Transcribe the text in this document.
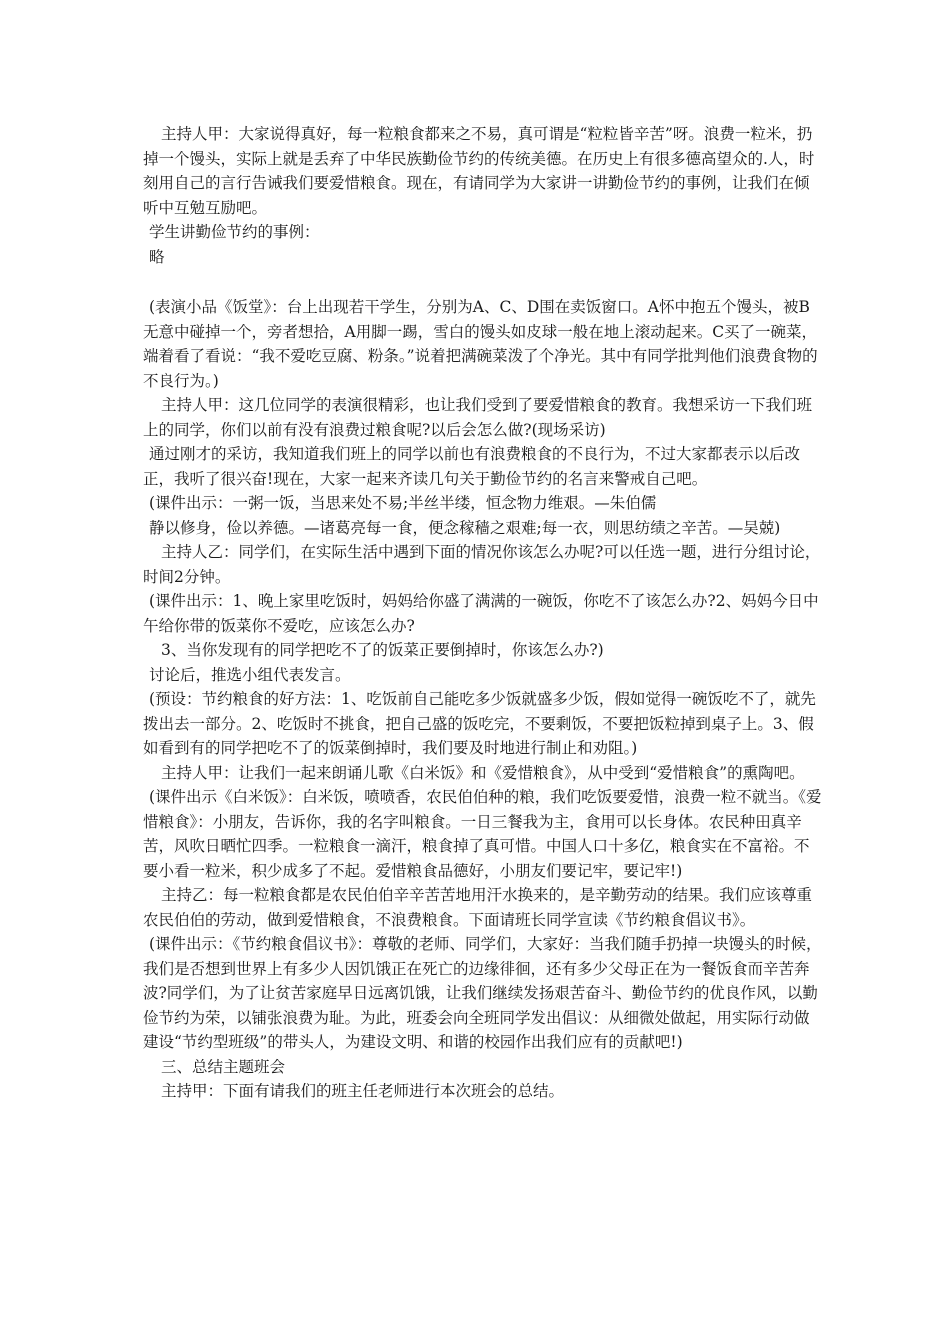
主持人甲：大家说得真好，每一粒粮食都来之不易，真可谓是“粒粒皆辛苦”呀。浪费一粒米，扔掉一个馒头，实际上就是丢弃了中华民族勤俭节约的传统美德。在历史上有很多德高望众的.人，时刻用自己的言行告诫我们要爱惜粮食。现在，有请同学为大家讲一讲勤俭节约的事例，让我们在倾听中互勉互励吧。

学生讲勤俭节约的事例：

略

(表演小品《饭堂》：台上出现若干学生，分别为A、C、D围在卖饭窗口。A怀中抱五个馒头，被B无意中碰掉一个，旁者想拾，A用脚一踢，雪白的馒头如皮球一般在地上滚动起来。C买了一碗菜，端着看了看说：“我不爱吃豆腐、粉条。”说着把满碗菜泼了个净光。其中有同学批判他们浪费食物的不良行为。)

主持人甲：这几位同学的表演很精彩，也让我们受到了要爱惜粮食的教育。我想采访一下我们班上的同学，你们以前有没有浪费过粮食呢?以后会怎么做?(现场采访)

通过刚才的采访，我知道我们班上的同学以前也有浪费粮食的不良行为，不过大家都表示以后改正，我听了很兴奋!现在，大家一起来齐读几句关于勤俭节约的名言来警戒自己吧。

(课件出示：一粥一饭，当思来处不易;半丝半缕，恒念物力维艰。—朱伯儒

静以修身，俭以养德。—诸葛亮每一食，便念稼穑之艰难;每一衣，则思纺绩之辛苦。—吴兢)

主持人乙：同学们，在实际生活中遇到下面的情况你该怎么办呢?可以任选一题，进行分组讨论，时间2分钟。

(课件出示：1、晚上家里吃饭时，妈妈给你盛了满满的一碗饭，你吃不了该怎么办?2、妈妈今日中午给你带的饭菜你不爱吃，应该怎么办?

3、当你发现有的同学把吃不了的饭菜正要倒掉时，你该怎么办?)

讨论后，推选小组代表发言。

(预设：节约粮食的好方法：1、吃饭前自己能吃多少饭就盛多少饭，假如觉得一碗饭吃不了，就先拨出去一部分。2、吃饭时不挑食，把自己盛的饭吃完，不要剩饭，不要把饭粒掉到桌子上。3、假如看到有的同学把吃不了的饭菜倒掉时，我们要及时地进行制止和劝阻。)

主持人甲：让我们一起来朗诵儿歌《白米饭》和《爱惜粮食》，从中受到“爱惜粮食”的熏陶吧。

(课件出示《白米饭》：白米饭，喷喷香，农民伯伯种的粮，我们吃饭要爱惜，浪费一粒不就当。《爱惜粮食》：小朋友，告诉你，我的名字叫粮食。一日三餐我为主，食用可以长身体。农民种田真辛苦，风吹日晒忙四季。一粒粮食一滴汗，粮食掉了真可惜。中国人口十多亿，粮食实在不富裕。不要小看一粒米，积少成多了不起。爱惜粮食品德好，小朋友们要记牢，要记牢!)

主持乙：每一粒粮食都是农民伯伯辛辛苦苦地用汗水换来的，是辛勤劳动的结果。我们应该尊重农民伯伯的劳动，做到爱惜粮食，不浪费粮食。下面请班长同学宣读《节约粮食倡议书》。

(课件出示：《节约粮食倡议书》：尊敬的老师、同学们，大家好：当我们随手扔掉一块馒头的时候，我们是否想到世界上有多少人因饥饿正在死亡的边缘徘徊，还有多少父母正在为一餐饭食而辛苦奔波?同学们，为了让贫苦家庭早日远离饥饿，让我们继续发扬艰苦奋斗、勤俭节约的优良作风，以勤俭节约为荣，以铺张浪费为耻。为此，班委会向全班同学发出倡议：从细微处做起，用实际行动做建设“节约型班级”的带头人，为建设文明、和谐的校园作出我们应有的贡献吧!)

三、总结主题班会

主持甲：下面有请我们的班主任老师进行本次班会的总结。
